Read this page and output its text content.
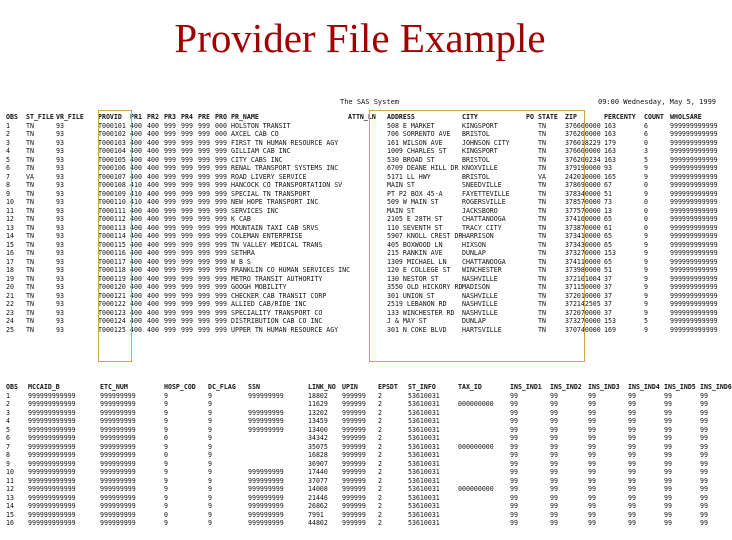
Provider File Example
The SAS System	09:00 Wednesday, May 5, 1999
OBS	ST_FILE	VR_FILE	PROVID	PR1	PR2	PR3	PR4	PRE	PRO	PR_NAME	ATTN_LN	ADDRESS	CITY	PO	STATE	ZIP	PERCENTY	COUNT	WHOLSARE
1	TN	93	T000101	400	400	999	999	999	000	HOLSTON TRANSIT		508 E MARKET	KINGSPORT		TN	376600000	163	6	999999999999
2	TN	93	T000102	400	400	999	999	999	000	AXCEL CAB CO		706 SORRENTO AVE	BRISTOL		TN	376200000	163	6	999999999999
3	TN	93	T000103	400	400	999	999	999	999	FIRST TN HUMAN RESOURCE AGY		161 WILSON AVE	JOHNSON CITY		TN	376018229	179	0	999999999999
4	TN	93	T000104	400	400	999	999	999	999	GILLIAM CAB INC		1009 CHARLES ST	KINGSPORT		TN	376600000	163	3	999999999999
5	TN	93	T000105	400	400	999	999	999	999	CITY CABS INC		530 BROAD ST	BRISTOL		TN	376200234	163	5	999999999999
6	TN	93	T000106	400	400	999	999	999	999	RENAL TRANSPORT SYSTEMS INC		6709 DEANE HILL DR	KNOXVILLE		TN	379190000	93	9	999999999999
7	VA	93	T000107	400	400	999	999	999	999	ROAD LIVERY SERVICE		5171 LL HWY	BRISTOL		VA	242010000	165	9	999999999999
8	TN	93	T000108	410	400	999	999	999	999	HANCOCK CO TRANSPORTATION SV		MAIN ST	SNEEDVILLE		TN	378690000	67	0	999999999999
9	TN	93	T000109	410	400	999	999	999	999	SPECIAL TN TRANSPORT		PT P2 BOX 45-A	FAYETTEVILLE		TN	378340000	51	9	999999999999
10	TN	93	T000110	410	400	999	999	999	999	NEW HOPE TRANSPORT INC		509 W MAIN ST	ROGERSVILLE		TN	378570000	73	0	999999999999
11	TN	93	T000111	400	400	999	999	999	999	SERVICES INC		MAIN ST	JACKSBORO		TN	377570000	13	0	999999999999
12	TN	93	T000112	400	400	999	999	999	999	K CAB		2105 E 28TH ST	CHATTANOOGA		TN	374100000	65	0	999999999999
13	TN	93	T000113	400	400	999	999	999	999	MOUNTAIN TAXI CAB SRVS		110 SEVENTH ST	TRACY CITY		TN	373870000	61	0	999999999999
14	TN	93	T000114	400	400	999	999	999	999	COLEMAN ENTERPRISE		5907 KNOLL CREST DR	HARRISON		TN	373410000	65	9	999999999999
15	TN	93	T000115	400	400	999	999	999	999	TN VALLEY MEDICAL TRANS		405 BOXWOOD LN	HIXSON		TN	373430000	65	9	999999999999
16	TN	93	T000116	400	400	999	999	999	999	SETHRA		215 RANKIN AVE	DUNLAP		TN	373270000	153	9	999999999999
17	TN	93	T000117	400	400	999	999	999	999	W B S		1309 MICHAEL LN	CHATTANOOGA		TN	374110000	65	9	999999999999
18	TN	93	T000118	400	400	999	999	999	999	FRANKLIN CO HUMAN SERVICES INC		120 E COLLEGE ST	WINCHESTER		TN	373980000	51	9	999999999999
19	TN	93	T000119	400	400	999	999	999	999	METRO TRANSIT AUTHORITY		130 NESTOR ST	NASHVILLE		TN	372101004	37	9	999999999999
20	TN	93	T000120	400	400	999	999	999	999	GOOGH MOBILITY		3550 OLD HICKORY RD	MADISON		TN	371150000	37	9	999999999999
21	TN	93	T000121	400	400	999	999	999	999	CHECKER CAB TRANSIT CORP		301 UNION ST	NASHVILLE		TN	372010000	37	9	999999999999
22	TN	93	T000122	400	400	999	999	999	999	ALLIED CAB/RIDE INC		2519 LEBANON RD	NASHVILLE		TN	372142505	37	9	999999999999
23	TN	93	T000123	400	400	999	999	999	999	SPECIALITY TRANSPORT CO		133 WINCHESTER RD	NASHVILLE		TN	372070000	37	9	999999999999
24	TN	93	T000124	400	400	999	999	999	999	DISTRIBUTION CAB CO INC		J & MAY ST	DUNLAP		TN	373270000	153	5	999999999999
25	TN	93	T000125	400	400	999	999	999	999	UPPER TN HUMAN RESOURCE AGY		301 N COKE BLVD	HARTSVILLE		TN	370740000	169	9	999999999999
OBS	MCCAID_B	ETC_NUM	HOSP_COD	DC_FLAG	SSN	LINK_NO	UPIN	EPSDT	ST_INFO	TAX_ID	INS_IND1	INS_IND2	INS_IND3	INS_IND4	INS_IND5	INS_IND6
1	999999999999	999999999	9	9	999999999	18802	999999	2	53610031		99	99	99	99	99	99
2	999999999999	999999999	9	9		11629	999999	2	53610031	000000000	99	99	99	99	99	99
3	999999999999	999999999	9	9	999999999	13202	999999	2	53610031		99	99	99	99	99	99
4	999999999999	999999999	9	9	999999999	13459	999999	2	53610031		99	99	99	99	99	99
5	999999999999	999999999	9	9	999999999	13400	999999	2	53610031		99	99	99	99	99	99
6	999999999999	999999999	0	9		34342	999999	2	53610031		99	99	99	99	99	99
7	999999999999	999999999	9	9		35075	999999	2	53610031	000000000	99	99	99	99	99	99
8	999999999999	999999999	0	9		16828	999999	2	53610031		99	99	99	99	99	99
9	999999999999	999999999	9	9		36907	999999	2	53610031		99	99	99	99	99	99
10	999999999999	999999999	9	9	999999999	17440	999999	2	53610031		99	99	99	99	99	99
11	999999999999	999999999	9	9	999999999	37077	999999	2	53610031		99	99	99	99	99	99
12	999999999999	999999999	9	9	999999999	14008	999999	2	53610031	000000000	99	99	99	99	99	99
13	999999999999	999999999	9	9	999999999	21446	999999	2	53610031		99	99	99	99	99	99
14	999999999999	999999999	9	9	999999999	26862	999999	2	53610031		99	99	99	99	99	99
15	999999999999	999999999	0	9	999999999	7991	999999	2	53610031		99	99	99	99	99	99
16	999999999999	999999999	9	9	999999999	44802	999999	2	53610031		99	99	99	99	99	99
